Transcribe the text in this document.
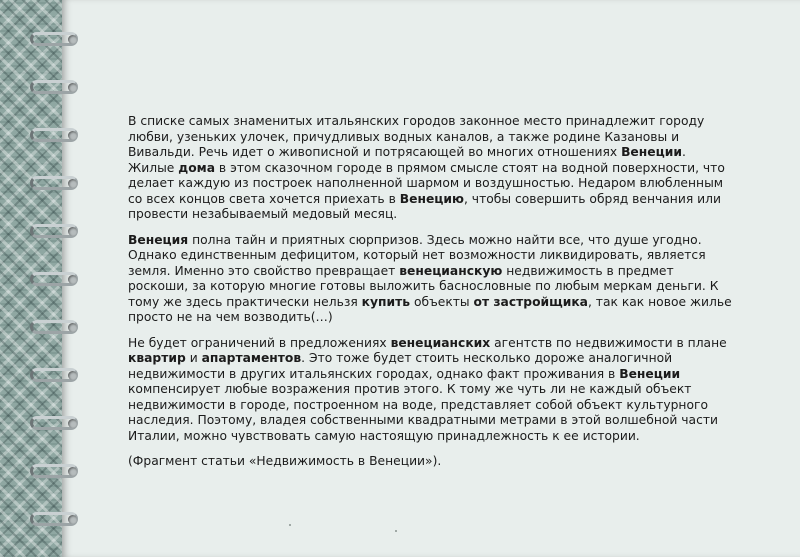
В списке самых знаменитых итальянских городов законное место принадлежит городу любви, узеньких улочек, причудливых водных каналов, а также родине Казановы и Вивальди. Речь идет о живописной и потрясающей во многих отношениях Венеции. Жилые дома в этом сказочном городе в прямом смысле стоят на водной поверхности, что делает каждую из построек наполненной шармом и воздушностью. Недаром влюбленным со всех концов света хочется приехать в Венецию, чтобы совершить обряд венчания или провести незабываемый медовый месяц.

Венеция полна тайн и приятных сюрпризов. Здесь можно найти все, что душе угодно. Однако единственным дефицитом, который нет возможности ликвидировать, является земля. Именно это свойство превращает венецианскую недвижимость в предмет роскоши, за которую многие готовы выложить баснословные по любым меркам деньги. К тому же здесь практически нельзя купить объекты от застройщика, так как новое жилье просто не на чем возводить(…)

Не будет ограничений в предложениях венецианских агентств по недвижимости в плане квартир и апартаментов. Это тоже будет стоить несколько дороже аналогичной недвижимости в других итальянских городах, однако факт проживания в Венеции компенсирует любые возражения против этого. К тому же чуть ли не каждый объект недвижимости в городе, построенном на воде, представляет собой объект культурного наследия. Поэтому, владея собственными квадратными метрами в этой волшебной части Италии, можно чувствовать самую настоящую принадлежность к ее истории.

(Фрагмент статьи «Недвижимость в Венеции»).
